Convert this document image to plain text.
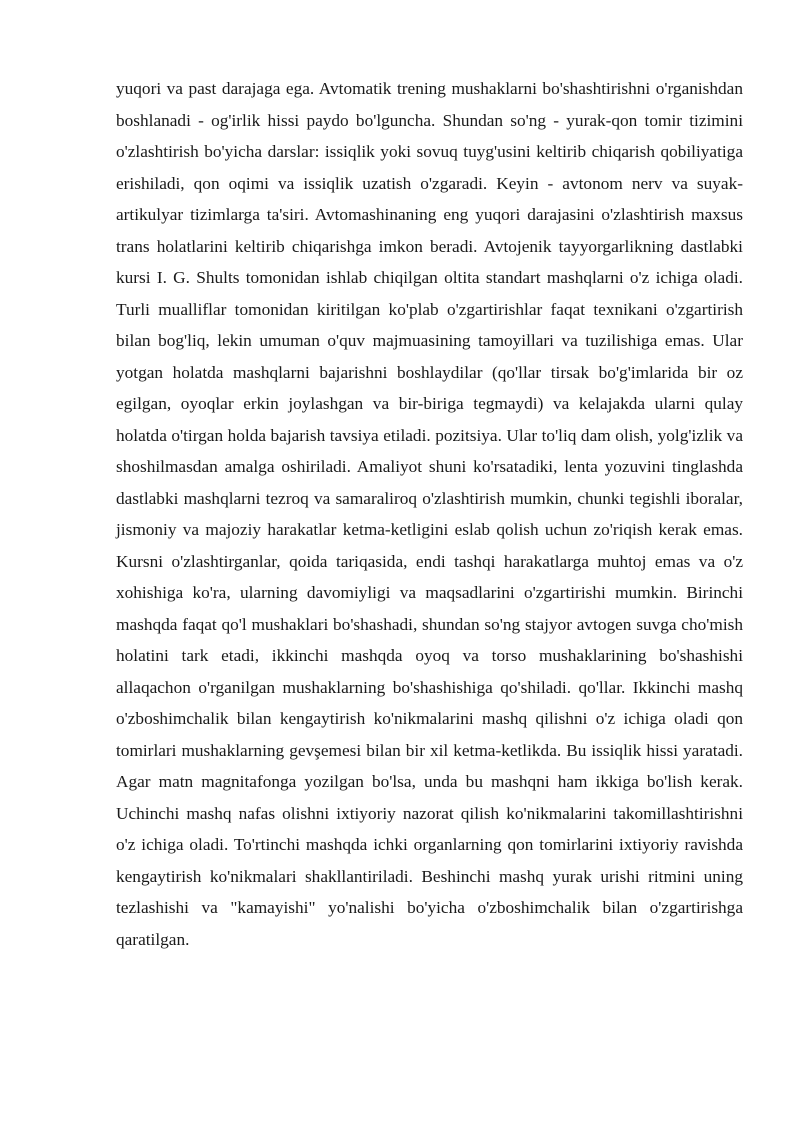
yuqori va past darajaga ega. Avtomatik trening mushaklarni bo'shashtirishni o'rganishdan boshlanadi - og'irlik hissi paydo bo'lguncha. Shundan so'ng - yurak-qon tomir tizimini o'zlashtirish bo'yicha darslar: issiqlik yoki sovuq tuyg'usini keltirib chiqarish qobiliyatiga erishiladi, qon oqimi va issiqlik uzatish o'zgaradi. Keyin - avtonom nerv va suyak-artikulyar tizimlarga ta'siri. Avtomashinaning eng yuqori darajasini o'zlashtirish maxsus trans holatlarini keltirib chiqarishga imkon beradi. Avtojenik tayyorgarlikning dastlabki kursi I. G. Shults tomonidan ishlab chiqilgan oltita standart mashqlarni o'z ichiga oladi. Turli mualliflar tomonidan kiritilgan ko'plab o'zgartirishlar faqat texnikani o'zgartirish bilan bog'liq, lekin umuman o'quv majmuasining tamoyillari va tuzilishiga emas. Ular yotgan holatda mashqlarni bajarishni boshlaydilar (qo'llar tirsak bo'g'imlarida bir oz egilgan, oyoqlar erkin joylashgan va bir-biriga tegmaydi) va kelajakda ularni qulay holatda o'tirgan holda bajarish tavsiya etiladi. pozitsiya. Ular to'liq dam olish, yolg'izlik va shoshilmasdan amalga oshiriladi. Amaliyot shuni ko'rsatadiki, lenta yozuvini tinglashda dastlabki mashqlarni tezroq va samaraliroq o'zlashtirish mumkin, chunki tegishli iboralar, jismoniy va majoziy harakatlar ketma-ketligini eslab qolish uchun zo'riqish kerak emas. Kursni o'zlashtirganlar, qoida tariqasida, endi tashqi harakatlarga muhtoj emas va o'z xohishiga ko'ra, ularning davomiyligi va maqsadlarini o'zgartirishi mumkin. Birinchi mashqda faqat qo'l mushaklari bo'shashadi, shundan so'ng stajyor avtogen suvga cho'mish holatini tark etadi, ikkinchi mashqda oyoq va torso mushaklarining bo'shashishi allaqachon o'rganilgan mushaklarning bo'shashishiga qo'shiladi. qo'llar. Ikkinchi mashq o'zboshimchalik bilan kengaytirish ko'nikmalarini mashq qilishni o'z ichiga oladi qon tomirlari mushaklarning gevşemesi bilan bir xil ketma-ketlikda. Bu issiqlik hissi yaratadi. Agar matn magnitafonga yozilgan bo'lsa, unda bu mashqni ham ikkiga bo'lish kerak. Uchinchi mashq nafas olishni ixtiyoriy nazorat qilish ko'nikmalarini takomillashtirishni o'z ichiga oladi. To'rtinchi mashqda ichki organlarning qon tomirlarini ixtiyoriy ravishda kengaytirish ko'nikmalari shakllantiriladi. Beshinchi mashq yurak urishi ritmini uning tezlashishi va "kamayishi" yo'nalishi bo'yicha o'zboshimchalik bilan o'zgartirishga qaratilgan.
